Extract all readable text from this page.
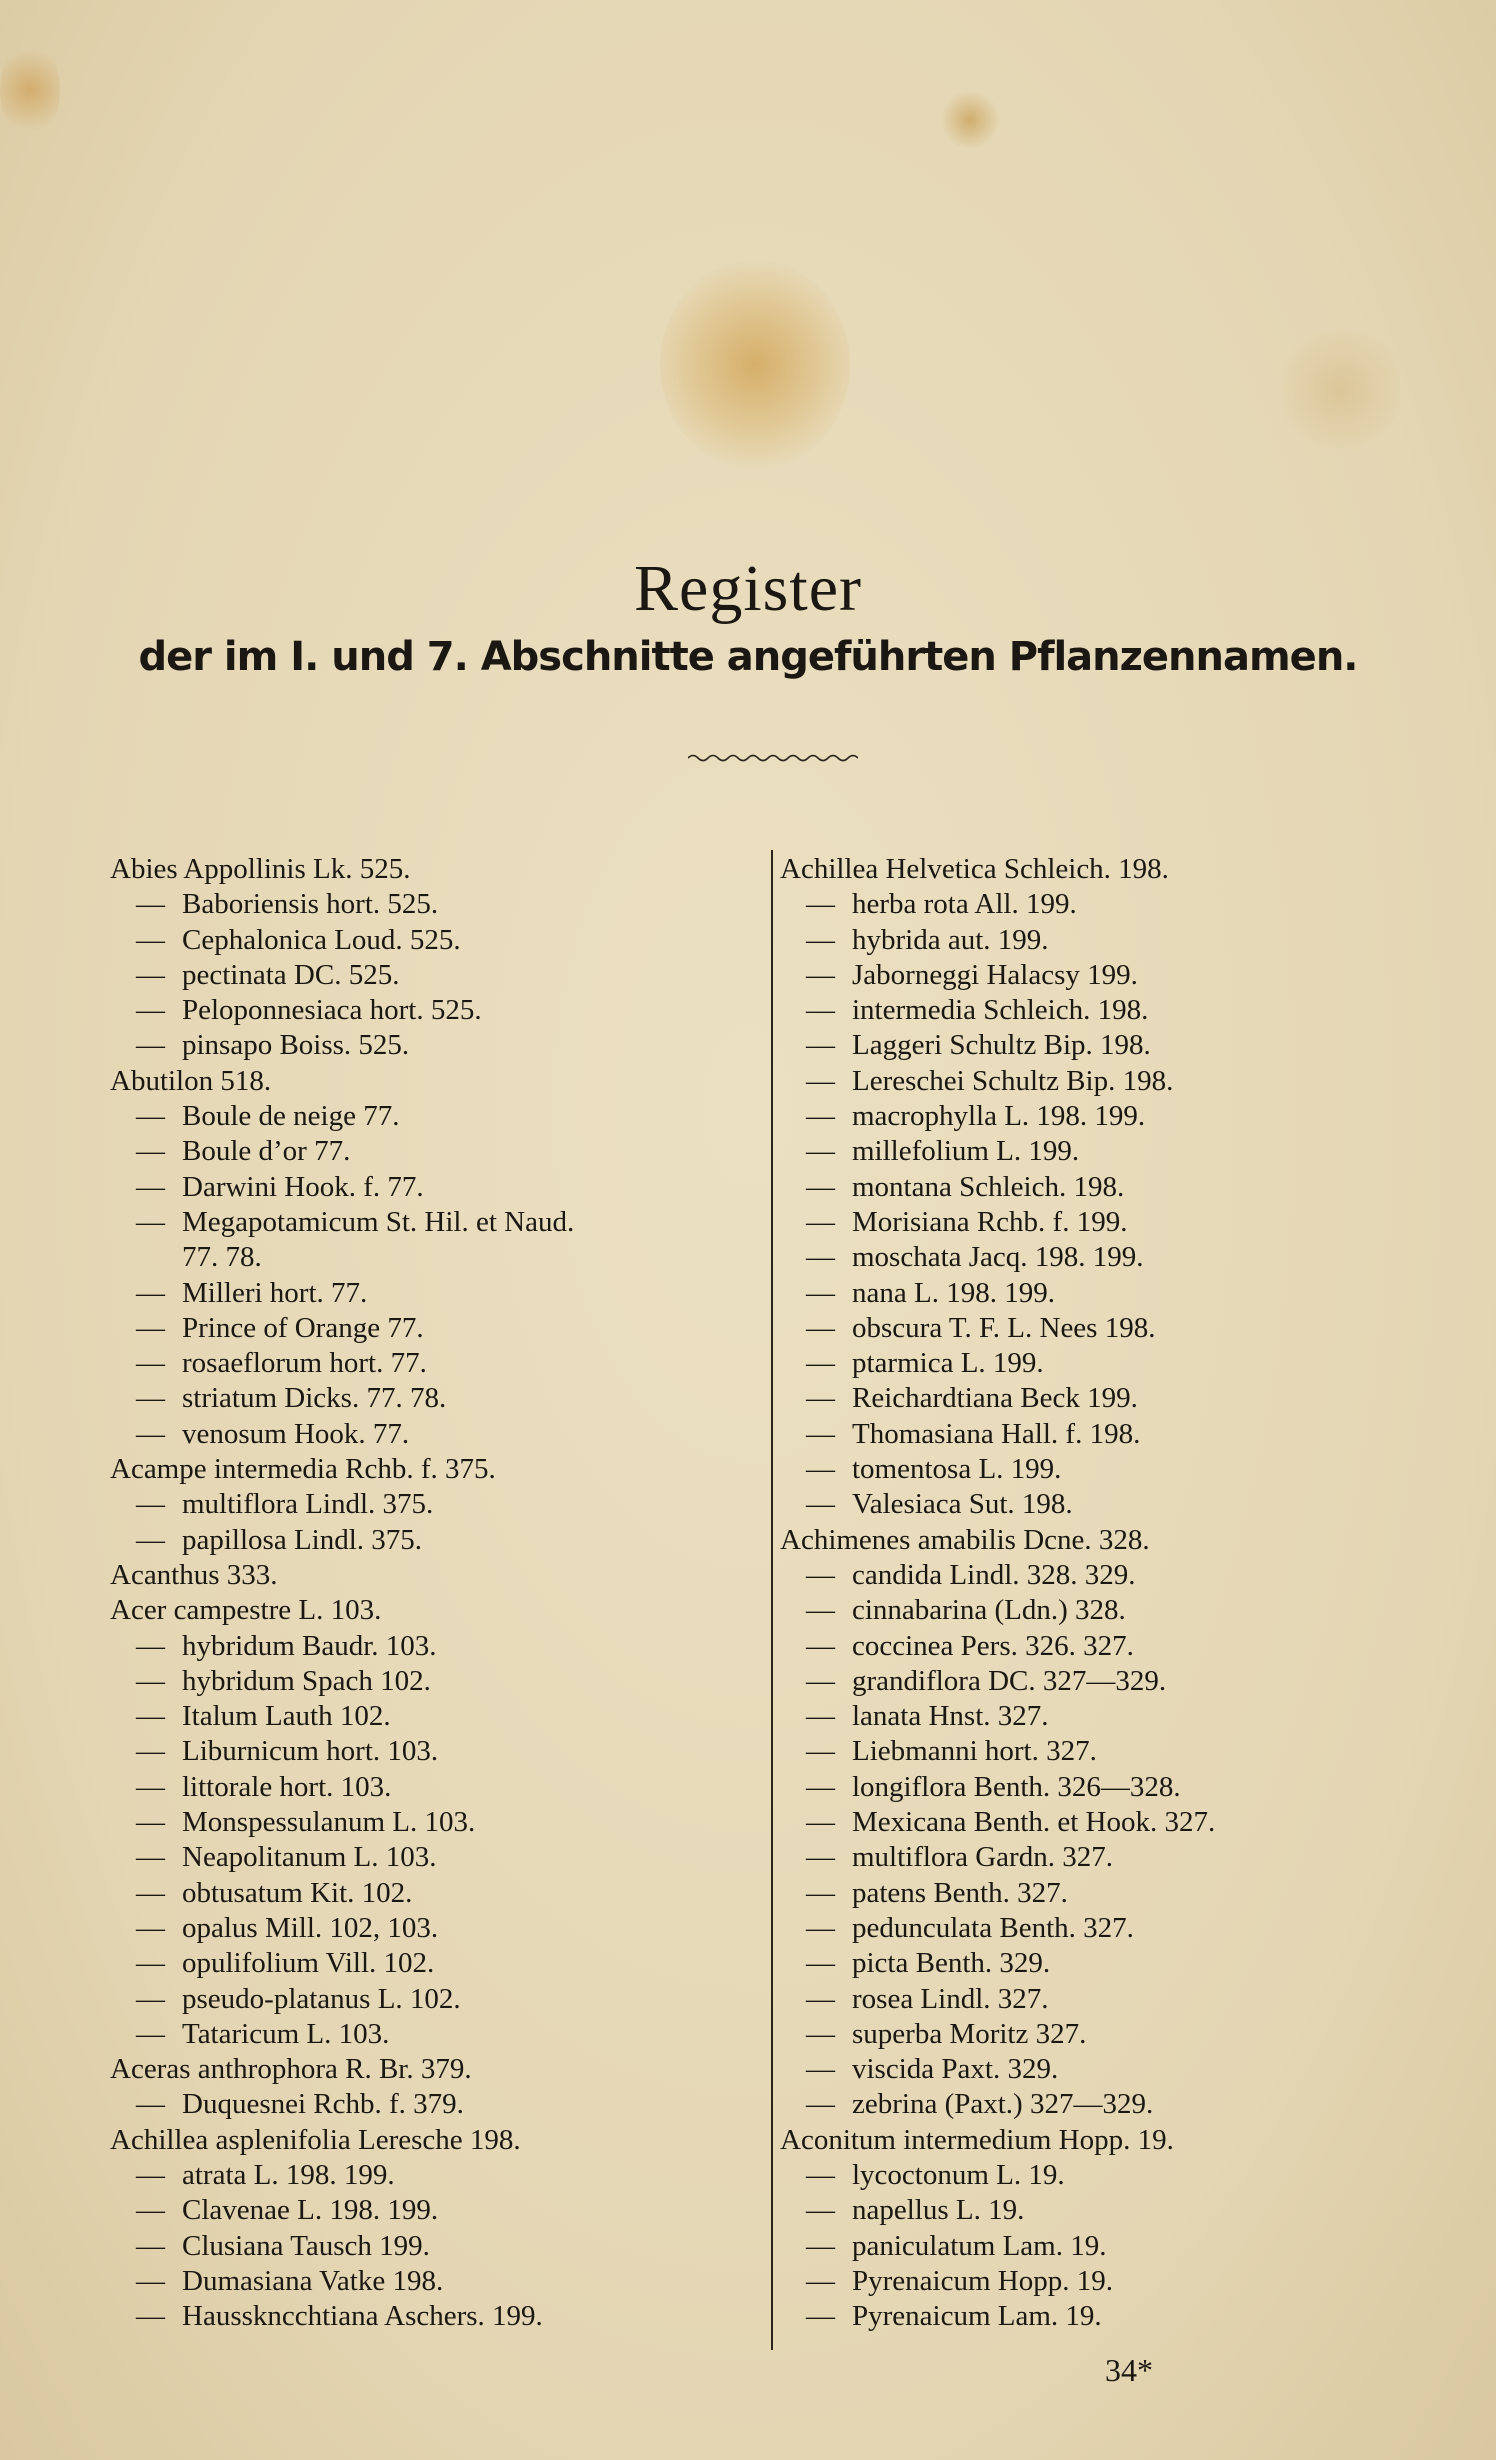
Register
der im I. und 7. Abschnitte angeführten Pflanzennamen.
Abies Appollinis Lk. 525.
— Baboriensis hort. 525.
— Cephalonica Loud. 525.
— pectinata DC. 525.
— Peloponnesiaca hort. 525.
— pinsapo Boiss. 525.
Abutilon 518.
— Boule de neige 77.
— Boule d’or 77.
— Darwini Hook. f. 77.
— Megapotamicum St. Hil. et Naud.
77. 78.
— Milleri hort. 77.
— Prince of Orange 77.
— rosaeflorum hort. 77.
— striatum Dicks. 77. 78.
— venosum Hook. 77.
Acampe intermedia Rchb. f. 375.
— multiflora Lindl. 375.
— papillosa Lindl. 375.
Acanthus 333.
Acer campestre L. 103.
— hybridum Baudr. 103.
— hybridum Spach 102.
— Italum Lauth 102.
— Liburnicum hort. 103.
— littorale hort. 103.
— Monspessulanum L. 103.
— Neapolitanum L. 103.
— obtusatum Kit. 102.
— opalus Mill. 102, 103.
— opulifolium Vill. 102.
— pseudo-platanus L. 102.
— Tataricum L. 103.
Aceras anthrophora R. Br. 379.
— Duquesnei Rchb. f. 379.
Achillea asplenifolia Leresche 198.
— atrata L. 198. 199.
— Clavenae L. 198. 199.
— Clusiana Tausch 199.
— Dumasiana Vatke 198.
— Hausskncchtiana Aschers. 199.
Achillea Helvetica Schleich. 198.
— herba rota All. 199.
— hybrida aut. 199.
— Jaborneggi Halacsy 199.
— intermedia Schleich. 198.
— Laggeri Schultz Bip. 198.
— Lereschei Schultz Bip. 198.
— macrophylla L. 198. 199.
— millefolium L. 199.
— montana Schleich. 198.
— Morisiana Rchb. f. 199.
— moschata Jacq. 198. 199.
— nana L. 198. 199.
— obscura T. F. L. Nees 198.
— ptarmica L. 199.
— Reichardtiana Beck 199.
— Thomasiana Hall. f. 198.
— tomentosa L. 199.
— Valesiaca Sut. 198.
Achimenes amabilis Dcne. 328.
— candida Lindl. 328. 329.
— cinnabarina (Ldn.) 328.
— coccinea Pers. 326. 327.
— grandiflora DC. 327—329.
— lanata Hnst. 327.
— Liebmanni hort. 327.
— longiflora Benth. 326—328.
— Mexicana Benth. et Hook. 327.
— multiflora Gardn. 327.
— patens Benth. 327.
— pedunculata Benth. 327.
— picta Benth. 329.
— rosea Lindl. 327.
— superba Moritz 327.
— viscida Paxt. 329.
— zebrina (Paxt.) 327—329.
Aconitum intermedium Hopp. 19.
— lycoctonum L. 19.
— napellus L. 19.
— paniculatum Lam. 19.
— Pyrenaicum Hopp. 19.
— Pyrenaicum Lam. 19.
34*
